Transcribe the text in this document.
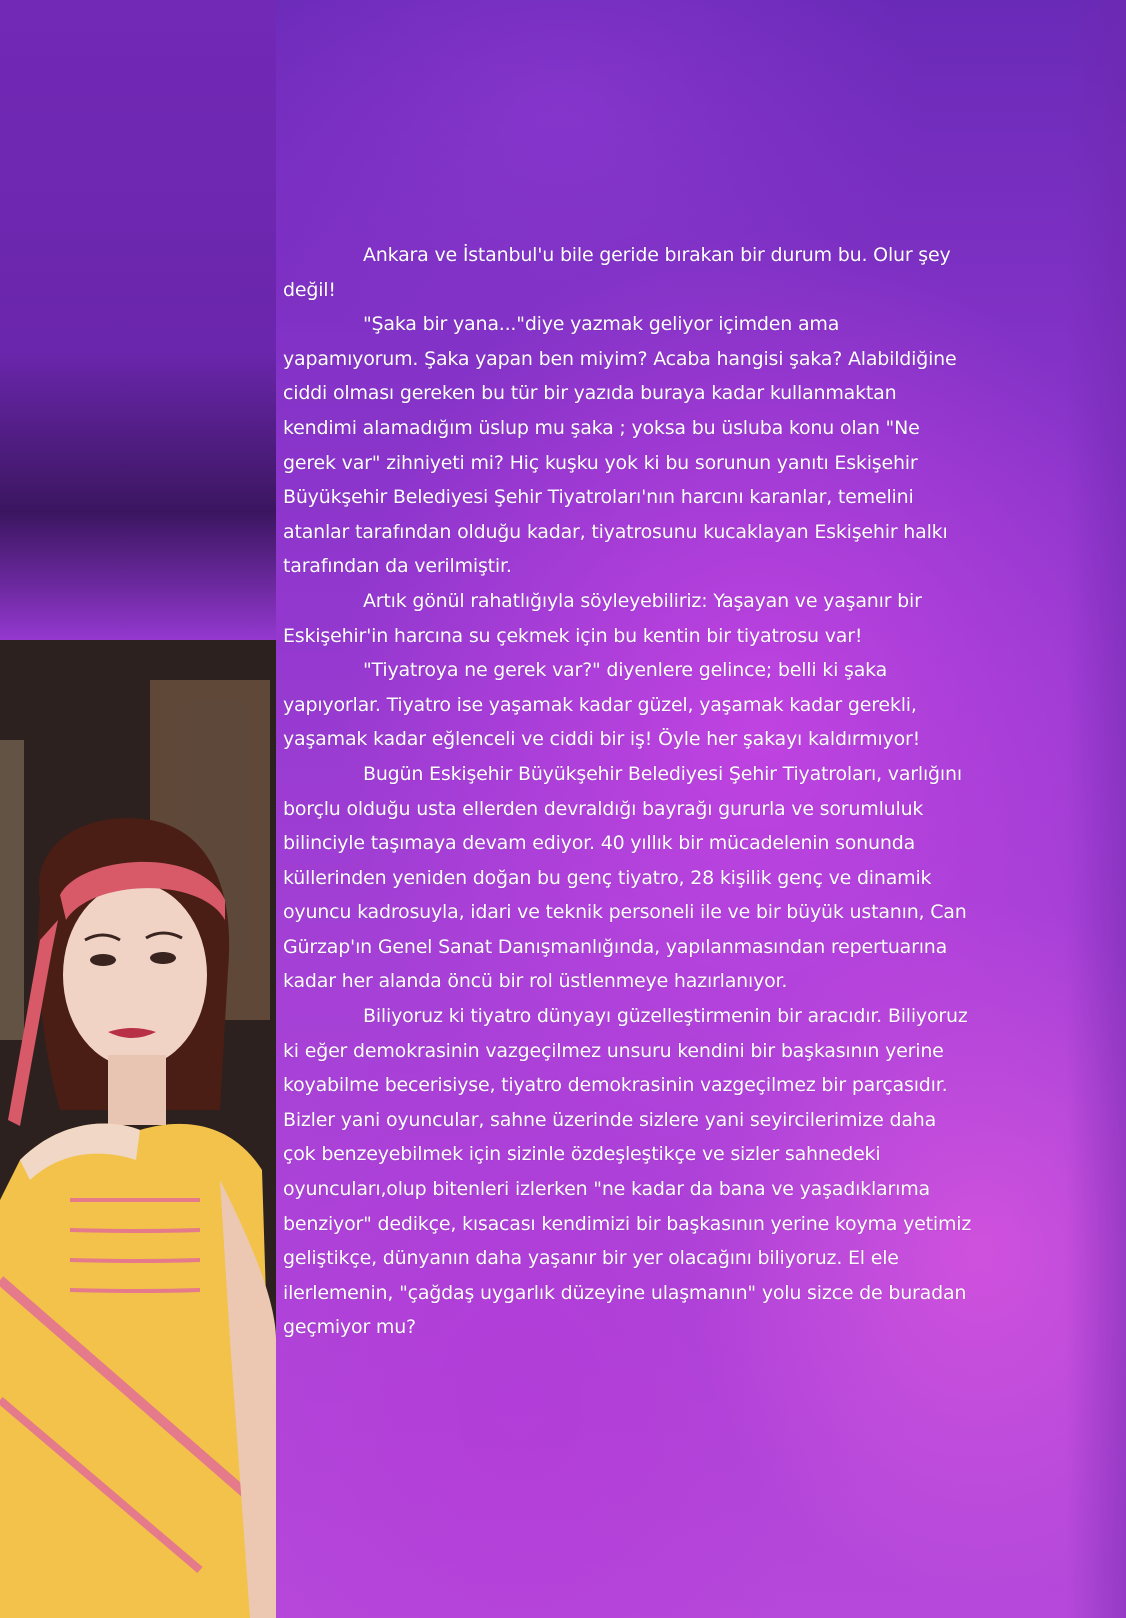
Ankara ve İstanbul'u bile geride bırakan bir durum bu. Olur şey değil!

"Şaka bir yana..."diye yazmak geliyor içimden ama yapamıyorum. Şaka yapan ben miyim? Acaba hangisi şaka? Alabildiğine ciddi olması gereken bu tür bir yazıda buraya kadar kullanmaktan kendimi alamadığım üslup mu şaka ; yoksa bu üsluba konu olan "Ne gerek var" zihniyeti mi? Hiç kuşku yok ki bu sorunun yanıtı Eskişehir Büyükşehir Belediyesi Şehir Tiyatroları'nın harcını karanlar, temelini atanlar tarafından olduğu kadar, tiyatrosunu kucaklayan Eskişehir halkı tarafından da verilmiştir.

Artık gönül rahatlığıyla söyleyebiliriz: Yaşayan ve yaşanır bir Eskişehir'in harcına su çekmek için bu kentin bir tiyatrosu var!

"Tiyatroya ne gerek var?" diyenlere gelince; belli ki şaka yapıyorlar. Tiyatro ise yaşamak kadar güzel, yaşamak kadar gerekli, yaşamak kadar eğlenceli ve ciddi bir iş! Öyle her şakayı kaldırmıyor!

Bugün Eskişehir Büyükşehir Belediyesi Şehir Tiyatroları, varlığını borçlu olduğu usta ellerden devraldığı bayrağı gururla ve sorumluluk bilinciyle taşımaya devam ediyor. 40 yıllık bir mücadelenin sonunda küllerinden yeniden doğan bu genç tiyatro, 28 kişilik genç ve dinamik oyuncu kadrosuyla, idari ve teknik personeli ile ve bir büyük ustanın, Can Gürzap'ın Genel Sanat Danışmanlığında, yapılanmasından repertuarına kadar her alanda öncü bir rol üstlenmeye hazırlanıyor.

Biliyoruz ki tiyatro dünyayı güzelleştirmenin bir aracıdır. Biliyoruz ki eğer demokrasinin vazgeçilmez unsuru kendini bir başkasının yerine koyabilme becerisiyse, tiyatro demokrasinin vazgeçilmez bir parçasıdır. Bizler yani oyuncular, sahne üzerinde sizlere yani seyircilerimize daha çok benzeyebilmek için sizinle özdeşleştikçe ve sizler sahnedeki oyuncuları,olup bitenleri izlerken "ne kadar da bana ve yaşadıklarıma benziyor" dedikçe, kısacası kendimizi bir başkasının yerine koyma yetimiz geliştikçe, dünyanın daha yaşanır bir yer olacağını biliyoruz. El ele ilerlemenin, "çağdaş uygarlık düzeyine ulaşmanın" yolu sizce de buradan geçmiyor mu?
